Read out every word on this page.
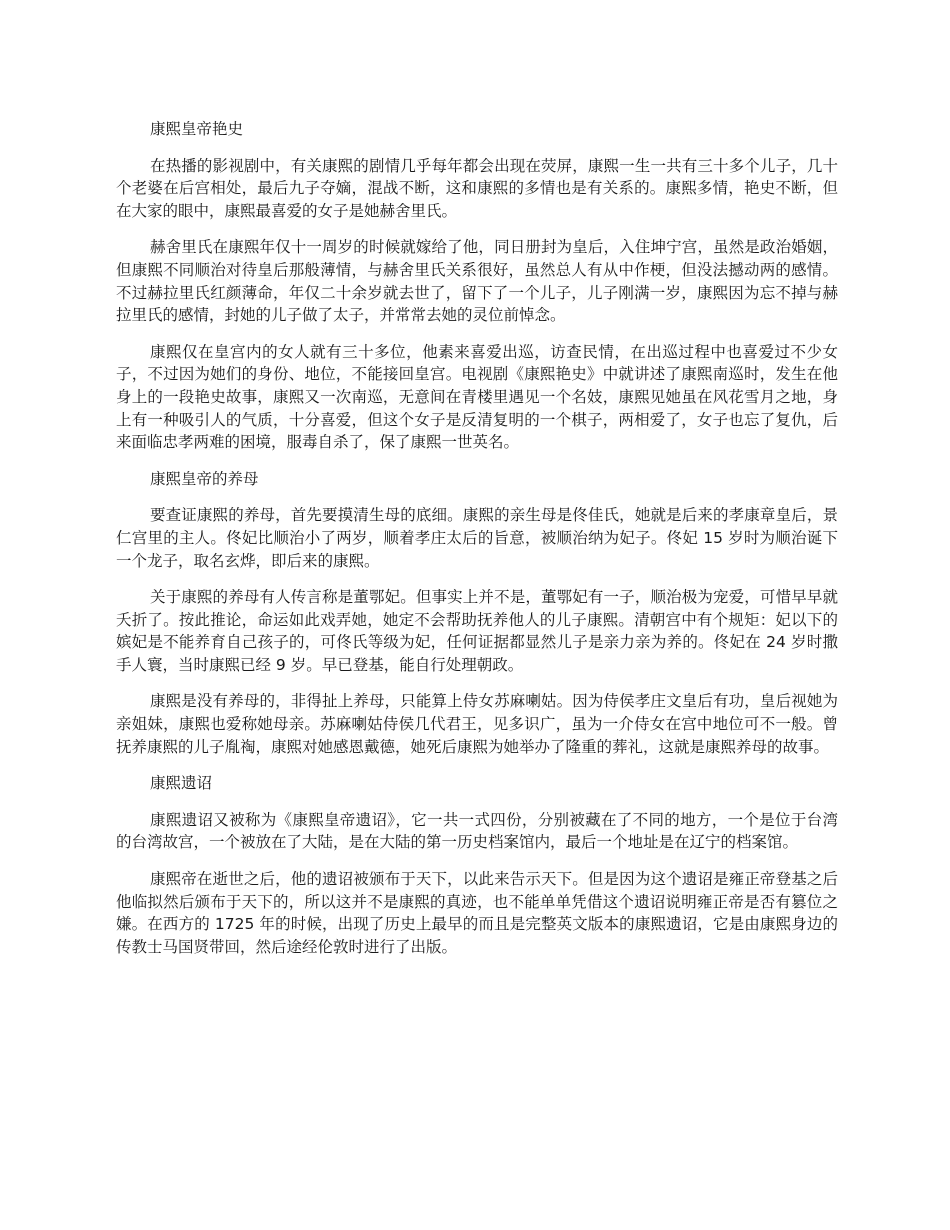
康熙皇帝艳史

在热播的影视剧中，有关康熙的剧情几乎每年都会出现在荧屏，康熙一生一共有三十多个儿子，几十个老婆在后宫相处，最后九子夺嫡，混战不断，这和康熙的多情也是有关系的。康熙多情，艳史不断，但在大家的眼中，康熙最喜爱的女子是她赫舍里氏。

赫舍里氏在康熙年仅十一周岁的时候就嫁给了他，同日册封为皇后，入住坤宁宫，虽然是政治婚姻，但康熙不同顺治对待皇后那般薄情，与赫舍里氏关系很好，虽然总人有从中作梗，但没法撼动两的感情。不过赫拉里氏红颜薄命，年仅二十余岁就去世了，留下了一个儿子，儿子刚满一岁，康熙因为忘不掉与赫拉里氏的感情，封她的儿子做了太子，并常常去她的灵位前悼念。

康熙仅在皇宫内的女人就有三十多位，他素来喜爱出巡，访查民情，在出巡过程中也喜爱过不少女子，不过因为她们的身份、地位，不能接回皇宫。电视剧《康熙艳史》中就讲述了康熙南巡时，发生在他身上的一段艳史故事，康熙又一次南巡，无意间在青楼里遇见一个名妓，康熙见她虽在风花雪月之地，身上有一种吸引人的气质，十分喜爱，但这个女子是反清复明的一个棋子，两相爱了，女子也忘了复仇，后来面临忠孝两难的困境，服毒自杀了，保了康熙一世英名。

康熙皇帝的养母

要查证康熙的养母，首先要摸清生母的底细。康熙的亲生母是佟佳氏，她就是后来的孝康章皇后，景仁宫里的主人。佟妃比顺治小了两岁，顺着孝庄太后的旨意，被顺治纳为妃子。佟妃 15 岁时为顺治诞下一个龙子，取名玄烨，即后来的康熙。

关于康熙的养母有人传言称是董鄂妃。但事实上并不是，董鄂妃有一子，顺治极为宠爱，可惜早早就夭折了。按此推论，命运如此戏弄她，她定不会帮助抚养他人的儿子康熙。清朝宫中有个规矩：妃以下的嫔妃是不能养育自己孩子的，可佟氏等级为妃，任何证据都显然儿子是亲力亲为养的。佟妃在 24 岁时撒手人寰，当时康熙已经 9 岁。早已登基，能自行处理朝政。

康熙是没有养母的，非得扯上养母，只能算上侍女苏麻喇姑。因为侍侯孝庄文皇后有功，皇后视她为亲姐妹，康熙也爱称她母亲。苏麻喇姑侍侯几代君王，见多识广，虽为一介侍女在宫中地位可不一般。曾抚养康熙的儿子胤祹，康熙对她感恩戴德，她死后康熙为她举办了隆重的葬礼，这就是康熙养母的故事。

康熙遗诏

康熙遗诏又被称为《康熙皇帝遗诏》，它一共一式四份，分别被藏在了不同的地方，一个是位于台湾的台湾故宫，一个被放在了大陆，是在大陆的第一历史档案馆内，最后一个地址是在辽宁的档案馆。

康熙帝在逝世之后，他的遗诏被颁布于天下，以此来告示天下。但是因为这个遗诏是雍正帝登基之后他临拟然后颁布于天下的，所以这并不是康熙的真迹，也不能单单凭借这个遗诏说明雍正帝是否有篡位之嫌。在西方的 1725 年的时候，出现了历史上最早的而且是完整英文版本的康熙遗诏，它是由康熙身边的传教士马国贤带回，然后途经伦敦时进行了出版。
